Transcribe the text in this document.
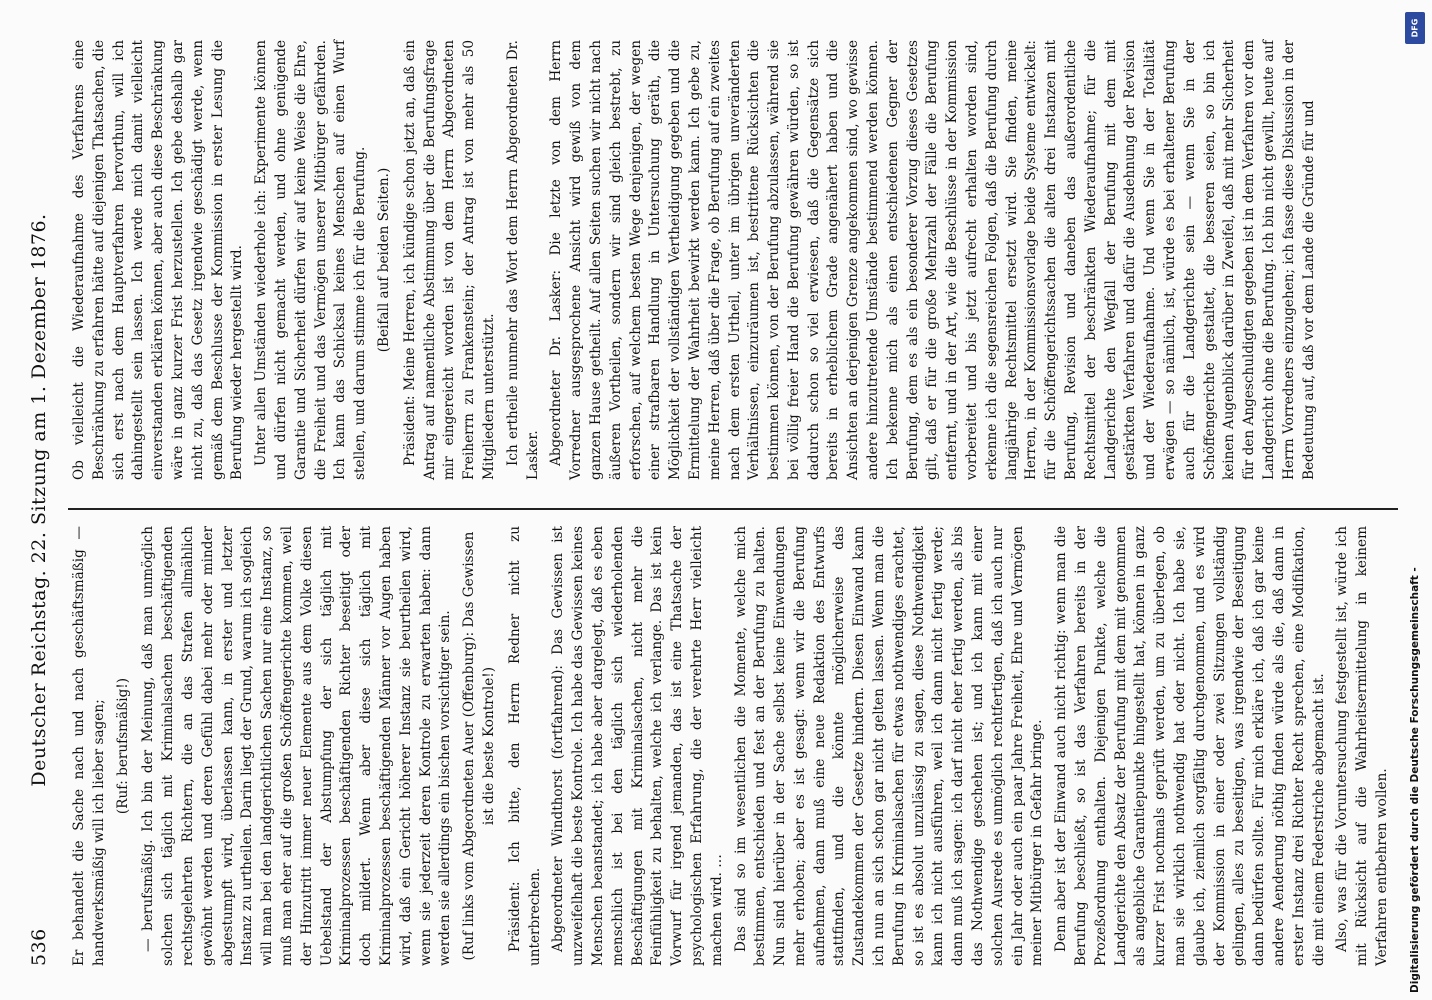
536
Deutscher Reichstag. 22. Sitzung am 1. Dezember 1876. Er behandelt die Sache nach und nach geschäftsmäßig — handwerksmäßig will ich lieber sagen; (Ruf: berufsmäßig!) — berufsmäßig. Ich bin der Meinung, daß man unmöglich solchen sich täglich mit Kriminalsachen beschäftigenden rechtsgelehrten Richtern, die an das Strafen allmählich gewöhnt werden und deren Gefühl dabei mehr oder minder abgestumpft wird, überlassen kann, in erster und letzter Instanz zu urtheilen. Darin liegt der Grund, warum ich sogleich will man bei den landgerichtlichen Sachen nur eine Instanz, so muß man eher auf die großen Schöffengerichte kommen, weil der Hinzutritt immer neuer Elemente aus dem Volke diesen Uebelstand der Abstumpfung der sich täglich mit Kriminalprozessen beschäftigenden Richter beseitigt oder doch mildert. Wenn aber diese sich täglich mit Kriminalprozessen beschäftigenden Männer vor Augen haben wird, daß ein Gericht höherer Instanz sie beurtheilen wird, wenn sie jederzeit deren Kontrole zu erwarten haben: dann werden sie allerdings ein bischen vorsichtiger sein. (Ruf links vom Abgeordneten Auer (Offenburg): Das Gewissen ist die beste Kontrole!) Präsident: Ich bitte, den Herrn Redner nicht zu unterbrechen. Abgeordneter Windthorst (fortfahrend): Das Gewissen ist unzweifelhaft die beste Kontrole. Ich habe das Gewissen keines Menschen beanstandet; ich habe aber dargelegt, daß es eben menschlich ist bei den täglich sich wiederholenden Beschäftigungen mit Kriminalsachen, nicht mehr die Feinfühligkeit zu behalten, welche ich verlange. Das ist kein Vorwurf für irgend jemanden, das ist eine Thatsache der psychologischen Erfahrung, die der verehrte Herr vielleicht machen wird. … Das sind so im wesentlichen die Momente, welche mich bestimmen, entschieden und fest an der Berufung zu halten. Nun sind hierüber in der Sache selbst keine Einwendungen mehr erhoben; aber es ist gesagt: wenn wir die Berufung aufnehmen, dann muß eine neue Redaktion des Entwurfs stattfinden, und die könnte möglicherweise das Zustandekommen der Gesetze hindern. Diesen Einwand kann ich nun an sich schon gar nicht gelten lassen. Wenn man die Berufung in Kriminalsachen für etwas nothwendiges erachtet, so ist es absolut unzulässig zu sagen, diese Nothwendigkeit kann ich nicht ausführen, weil ich dann nicht fertig werde; dann muß ich sagen: ich darf nicht eher fertig werden, als bis das Nothwendige geschehen ist; und ich kann mit einer solchen Ausrede es unmöglich rechtfertigen, daß ich auch nur ein Jahr oder auch ein paar Jahre Freiheit, Ehre und Vermögen meiner Mitbürger in Gefahr bringe. Denn aber ist der Einwand auch nicht richtig: wenn man die Berufung beschließt, so ist das Verfahren bereits in der Prozeßordnung enthalten. Diejenigen Punkte, welche die Landgerichte den Absatz der Berufung mit dem mit genommen als angebliche Garantiepunkte hingestellt hat, können in ganz kurzer Frist nochmals geprüft werden, um zu überlegen, ob man sie wirklich nothwendig hat oder nicht. Ich habe sie, glaube ich, ziemlich sorgfältig durchgenommen, und es wird der Kommission in einer oder zwei Sitzungen vollständig gelingen, alles zu beseitigen, was irgendwie der Beseitigung dann bedürfen sollte. Für mich erkläre ich, daß ich gar keine andere Aenderung nöthig finden würde als die, daß dann in erster Instanz drei Richter Recht sprechen, eine Modifikation, die mit einem Federstriche abgemacht ist. Also, was für die Voruntersuchung festgestellt ist, würde ich mit Rücksicht auf die Wahrheitsermittelung in keinem Verfahren entbehren wollen.

Ob vielleicht die Wiederaufnahme des Verfahrens eine Beschränkung zu erfahren hätte auf diejenigen Thatsachen, die sich erst nach dem Hauptverfahren hervorthun, will ich dahingestellt sein lassen. Ich werde mich damit vielleicht einverstanden erklären können, aber auch diese Beschränkung wäre in ganz kurzer Frist herzustellen. Ich gebe deshalb gar nicht zu, daß das Gesetz irgendwie geschädigt werde, wenn gemäß dem Beschlusse der Kommission in erster Lesung die Berufung wieder hergestellt wird. Unter allen Umständen wiederhole ich: Experimente können und dürfen nicht gemacht werden, und ohne genügende Garantie und Sicherheit dürfen wir auf keine Weise die Ehre, die Freiheit und das Vermögen unserer Mitbürger gefährden. Ich kann das Schicksal keines Menschen auf einen Wurf stellen, und darum stimme ich für die Berufung. (Beifall auf beiden Seiten.) Präsident: Meine Herren, ich kündige schon jetzt an, daß ein Antrag auf namentliche Abstimmung über die Berufungsfrage mir eingereicht worden ist von dem Herrn Abgeordneten Freiherrn zu Frankenstein; der Antrag ist von mehr als 50 Mitgliedern unterstützt. Ich ertheile nunmehr das Wort dem Herrn Abgeordneten Dr. Lasker. Abgeordneter Dr. Lasker: Die letzte von dem Herrn Vorredner ausgesprochene Ansicht wird gewiß von dem ganzen Hause getheilt. Auf allen Seiten suchen wir nicht nach äußeren Vortheilen, sondern wir sind gleich bestrebt, zu erforschen, auf welchem besten Wege denjenigen, der wegen einer strafbaren Handlung in Untersuchung geräth, die Möglichkeit der vollständigen Vertheidigung gegeben und die Ermittelung der Wahrheit bewirkt werden kann. Ich gebe zu, meine Herren, daß über die Frage, ob Berufung auf ein zweites nach dem ersten Urtheil, unter im übrigen unveränderten Verhältnissen, einzuräumen ist, bestrittene Rücksichten die bestimmen können, von der Berufung abzulassen, während sie bei völlig freier Hand die Berufung gewähren würden, so ist dadurch schon so viel erwiesen, daß die Gegensätze sich bereits in erheblichem Grade angenähert haben und die Ansichten an derjenigen Grenze angekommen sind, wo gewisse andere hinzutretende Umstände bestimmend werden können. Ich bekenne mich als einen entschiedenen Gegner der Berufung, dem es als ein besonderer Vorzug dieses Gesetzes gilt, daß er für die große Mehrzahl der Fälle die Berufung entfernt, und in der Art, wie die Beschlüsse in der Kommission vorbereitet und bis jetzt aufrecht erhalten worden sind, erkenne ich die segensreichen Folgen, daß die Berufung durch langjährige Rechtsmittel ersetzt wird. Sie finden, meine Herren, in der Kommissionsvorlage beide Systeme entwickelt: für die Schöffengerichtssachen die alten drei Instanzen mit Berufung, Revision und daneben das außerordentliche Rechtsmittel der beschränkten Wiederaufnahme; für die Landgerichte den Wegfall der Berufung mit dem mit gestärkten Verfahren und dafür die Ausdehnung der Revision und der Wiederaufnahme. Und wenn Sie in der Totalität erwägen — so nämlich, ist, würde es bei erhaltener Berufung auch für die Landgerichte sein — wenn Sie in der Schöffengerichte gestaltet, die besseren seien, so bin ich keinen Augenblick darüber in Zweifel, daß mit mehr Sicherheit für den Angeschuldigten gegeben ist in dem Verfahren vor dem Landgericht ohne die Berufung. Ich bin nicht gewillt, heute auf Herrn Vorredners einzugehen; ich fasse diese Diskussion in der Bedeutung auf, daß vor dem Lande die Gründe für und

Digitalisierung gefördert durch die Deutsche Forschungsgemeinschaft -
DFG
